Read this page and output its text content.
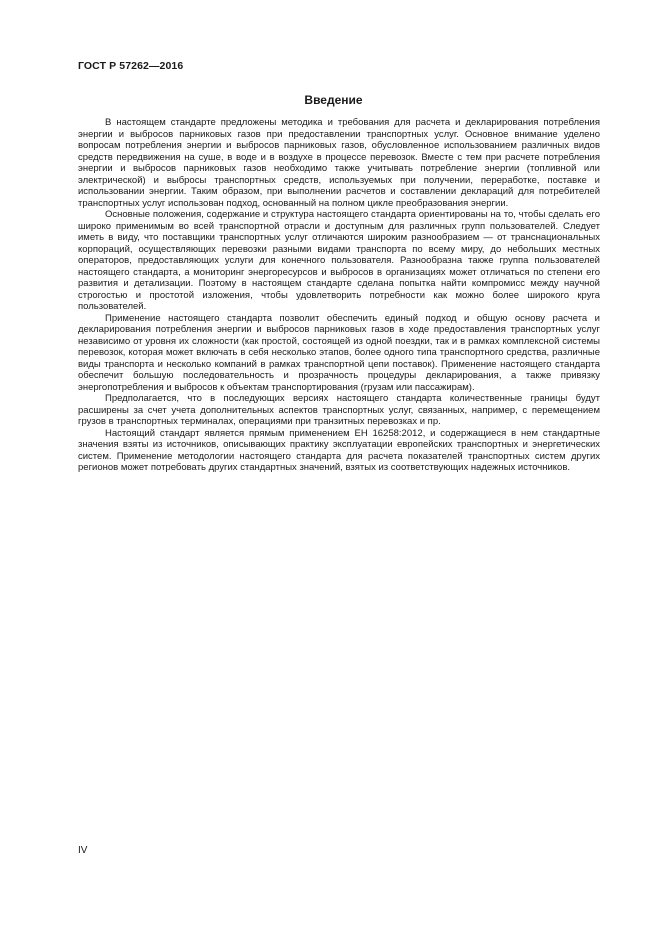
ГОСТ Р 57262—2016
Введение

В настоящем стандарте предложены методика и требования для расчета и декларирования потребления энергии и выбросов парниковых газов при предоставлении транспортных услуг. Основное внимание уделено вопросам потребления энергии и выбросов парниковых газов, обусловленное использованием различных видов средств передвижения на суше, в воде и в воздухе в процессе перевозок. Вместе с тем при расчете потребления энергии и выбросов парниковых газов необходимо также учитывать потребление энергии (топливной или электрической) и выбросы транспортных средств, используемых при получении, переработке, поставке и использовании энергии. Таким образом, при выполнении расчетов и составлении деклараций для потребителей транспортных услуг использован подход, основанный на полном цикле преобразования энергии.

Основные положения, содержание и структура настоящего стандарта ориентированы на то, чтобы сделать его широко применимым во всей транспортной отрасли и доступным для различных групп пользователей. Следует иметь в виду, что поставщики транспортных услуг отличаются широким разнообразием — от транснациональных корпораций, осуществляющих перевозки разными видами транспорта по всему миру, до небольших местных операторов, предоставляющих услуги для конечного пользователя. Разнообразна также группа пользователей настоящего стандарта, а мониторинг энергоресурсов и выбросов в организациях может отличаться по степени его развития и детализации. Поэтому в настоящем стандарте сделана попытка найти компромисс между научной строгостью и простотой изложения, чтобы удовлетворить потребности как можно более широкого круга пользователей.

Применение настоящего стандарта позволит обеспечить единый подход и общую основу расчета и декларирования потребления энергии и выбросов парниковых газов в ходе предоставления транспортных услуг независимо от уровня их сложности (как простой, состоящей из одной поездки, так и в рамках комплексной системы перевозок, которая может включать в себя несколько этапов, более одного типа транспортного средства, различные виды транспорта и несколько компаний в рамках транспортной цепи поставок). Применение настоящего стандарта обеспечит большую последовательность и прозрачность процедуры декларирования, а также привязку энергопотребления и выбросов к объектам транспортирования (грузам или пассажирам).

Предполагается, что в последующих версиях настоящего стандарта количественные границы будут расширены за счет учета дополнительных аспектов транспортных услуг, связанных, например, с перемещением грузов в транспортных терминалах, операциями при транзитных перевозках и пр.

Настоящий стандарт является прямым применением ЕН 16258:2012, и содержащиеся в нем стандартные значения взяты из источников, описывающих практику эксплуатации европейских транспортных и энергетических систем. Применение методологии настоящего стандарта для расчета показателей транспортных систем других регионов может потребовать других стандартных значений, взятых из соответствующих надежных источников.

IV
